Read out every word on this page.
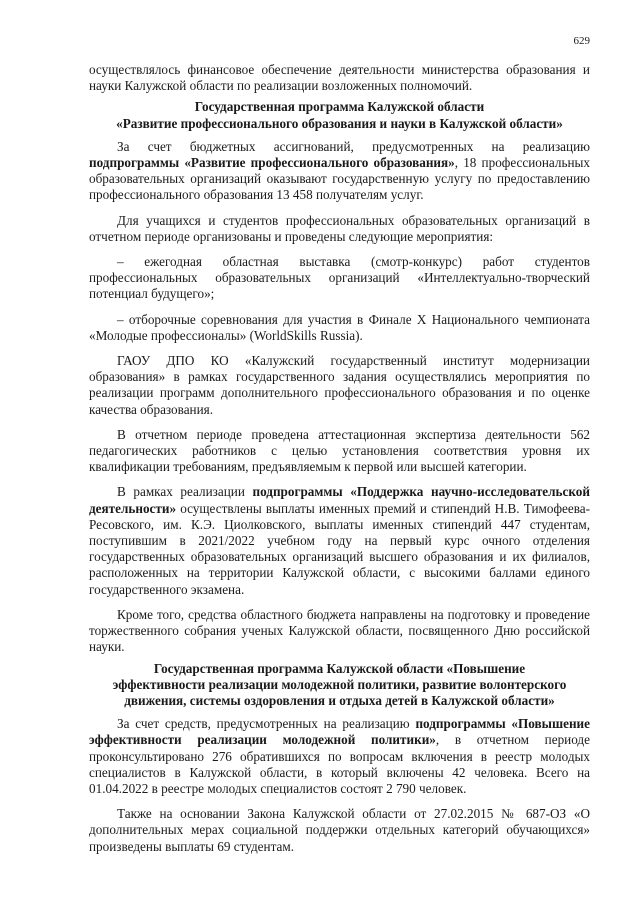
629

осуществлялось финансовое обеспечение деятельности министерства образования и науки Калужской области по реализации возложенных полномочий.

Государственная программа Калужской области
«Развитие профессионального образования и науки в Калужской области»

За счет бюджетных ассигнований, предусмотренных на реализацию подпрограммы «Развитие профессионального образования», 18 профессиональных образовательных организаций оказывают государственную услугу по предоставлению профессионального образования 13 458 получателям услуг.

Для учащихся и студентов профессиональных образовательных организаций в отчетном периоде организованы и проведены следующие мероприятия:

– ежегодная областная выставка (смотр-конкурс) работ студентов профессиональных образовательных организаций «Интеллектуально-творческий потенциал будущего»;

– отборочные соревнования для участия в Финале X Национального чемпионата «Молодые профессионалы» (WorldSkills Russia).

ГАОУ ДПО КО «Калужский государственный институт модернизации образования» в рамках государственного задания осуществлялись мероприятия по реализации программ дополнительного профессионального образования и по оценке качества образования.

В отчетном периоде проведена аттестационная экспертиза деятельности 562 педагогических работников с целью установления соответствия уровня их квалификации требованиям, предъявляемым к первой или высшей категории.

В рамках реализации подпрограммы «Поддержка научно-исследовательской деятельности» осуществлены выплаты именных премий и стипендий Н.В. Тимофеева-Ресовского, им. К.Э. Циолковского, выплаты именных стипендий 447 студентам, поступившим в 2021/2022 учебном году на первый курс очного отделения государственных образовательных организаций высшего образования и их филиалов, расположенных на территории Калужской области, с высокими баллами единого государственного экзамена.

Кроме того, средства областного бюджета направлены на подготовку и проведение торжественного собрания ученых Калужской области, посвященного Дню российской науки.

Государственная программа Калужской области «Повышение
эффективности реализации молодежной политики, развитие волонтерского
движения, системы оздоровления и отдыха детей в Калужской области»

За счет средств, предусмотренных на реализацию подпрограммы «Повышение эффективности реализации молодежной политики», в отчетном периоде проконсультировано 276 обратившихся по вопросам включения в реестр молодых специалистов в Калужской области, в который включены 42 человека. Всего на 01.04.2022 в реестре молодых специалистов состоят 2 790 человек.

Также на основании Закона Калужской области от 27.02.2015 № 687-ОЗ «О дополнительных мерах социальной поддержки отдельных категорий обучающихся» произведены выплаты 69 студентам.
